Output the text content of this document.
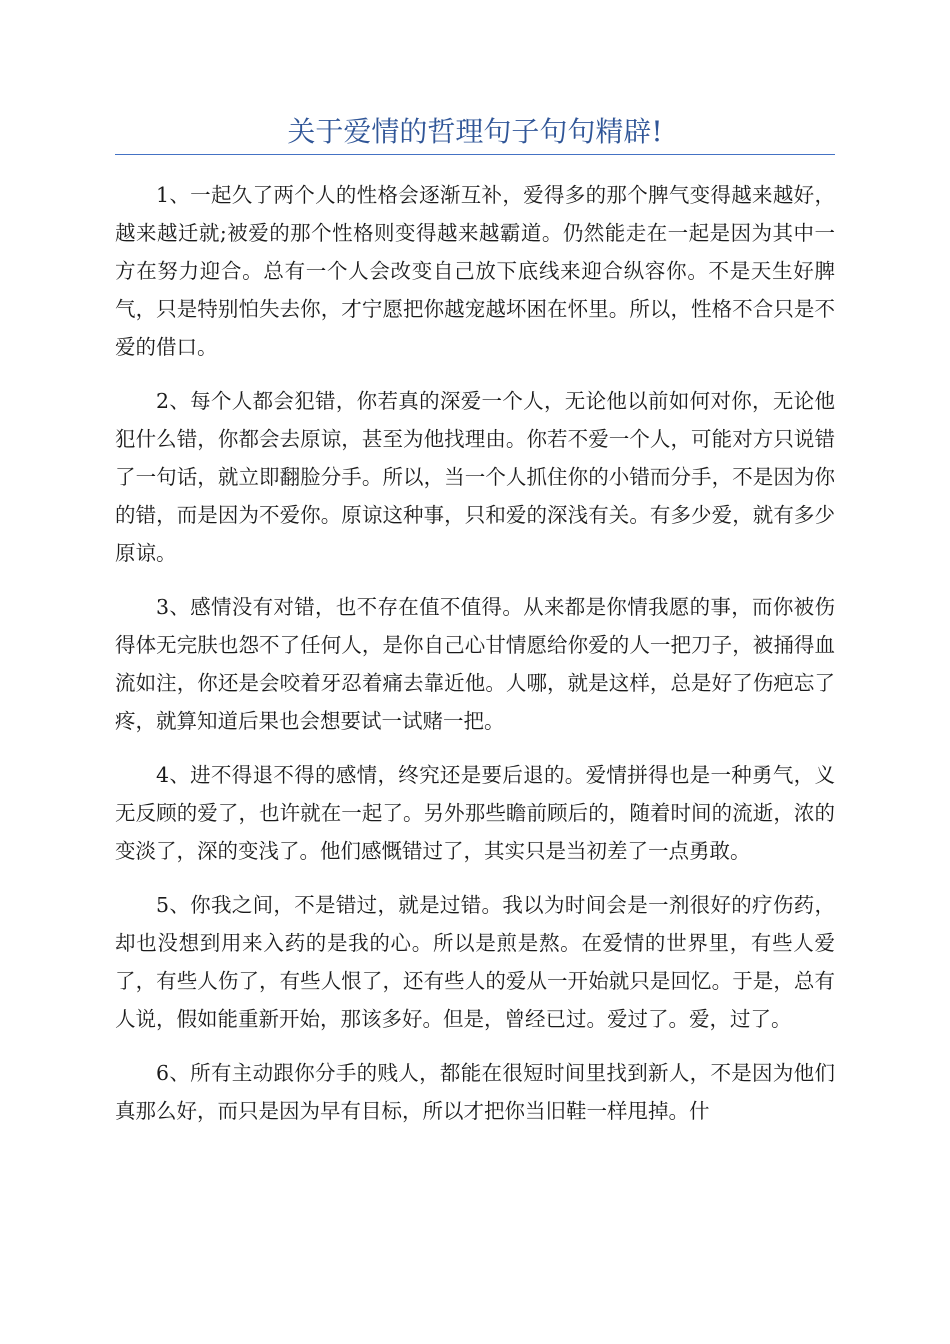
关于爱情的哲理句子句句精辟!

1、一起久了两个人的性格会逐渐互补，爱得多的那个脾气变得越来越好，越来越迁就;被爱的那个性格则变得越来越霸道。仍然能走在一起是因为其中一方在努力迎合。总有一个人会改变自己放下底线来迎合纵容你。不是天生好脾气，只是特别怕失去你，才宁愿把你越宠越坏困在怀里。所以，性格不合只是不爱的借口。

2、每个人都会犯错，你若真的深爱一个人，无论他以前如何对你，无论他犯什么错，你都会去原谅，甚至为他找理由。你若不爱一个人，可能对方只说错了一句话，就立即翻脸分手。所以，当一个人抓住你的小错而分手，不是因为你的错，而是因为不爱你。原谅这种事，只和爱的深浅有关。有多少爱，就有多少原谅。

3、感情没有对错，也不存在值不值得。从来都是你情我愿的事，而你被伤得体无完肤也怨不了任何人，是你自己心甘情愿给你爱的人一把刀子，被捅得血流如注，你还是会咬着牙忍着痛去靠近他。人哪，就是这样，总是好了伤疤忘了疼，就算知道后果也会想要试一试赌一把。

4、进不得退不得的感情，终究还是要后退的。爱情拼得也是一种勇气，义无反顾的爱了，也许就在一起了。另外那些瞻前顾后的，随着时间的流逝，浓的变淡了，深的变浅了。他们感慨错过了，其实只是当初差了一点勇敢。

5、你我之间，不是错过，就是过错。我以为时间会是一剂很好的疗伤药，却也没想到用来入药的是我的心。所以是煎是熬。在爱情的世界里，有些人爱了，有些人伤了，有些人恨了，还有些人的爱从一开始就只是回忆。于是，总有人说，假如能重新开始，那该多好。但是，曾经已过。爱过了。爱，过了。

6、所有主动跟你分手的贱人，都能在很短时间里找到新人，不是因为他们真那么好，而只是因为早有目标，所以才把你当旧鞋一样甩掉。什
